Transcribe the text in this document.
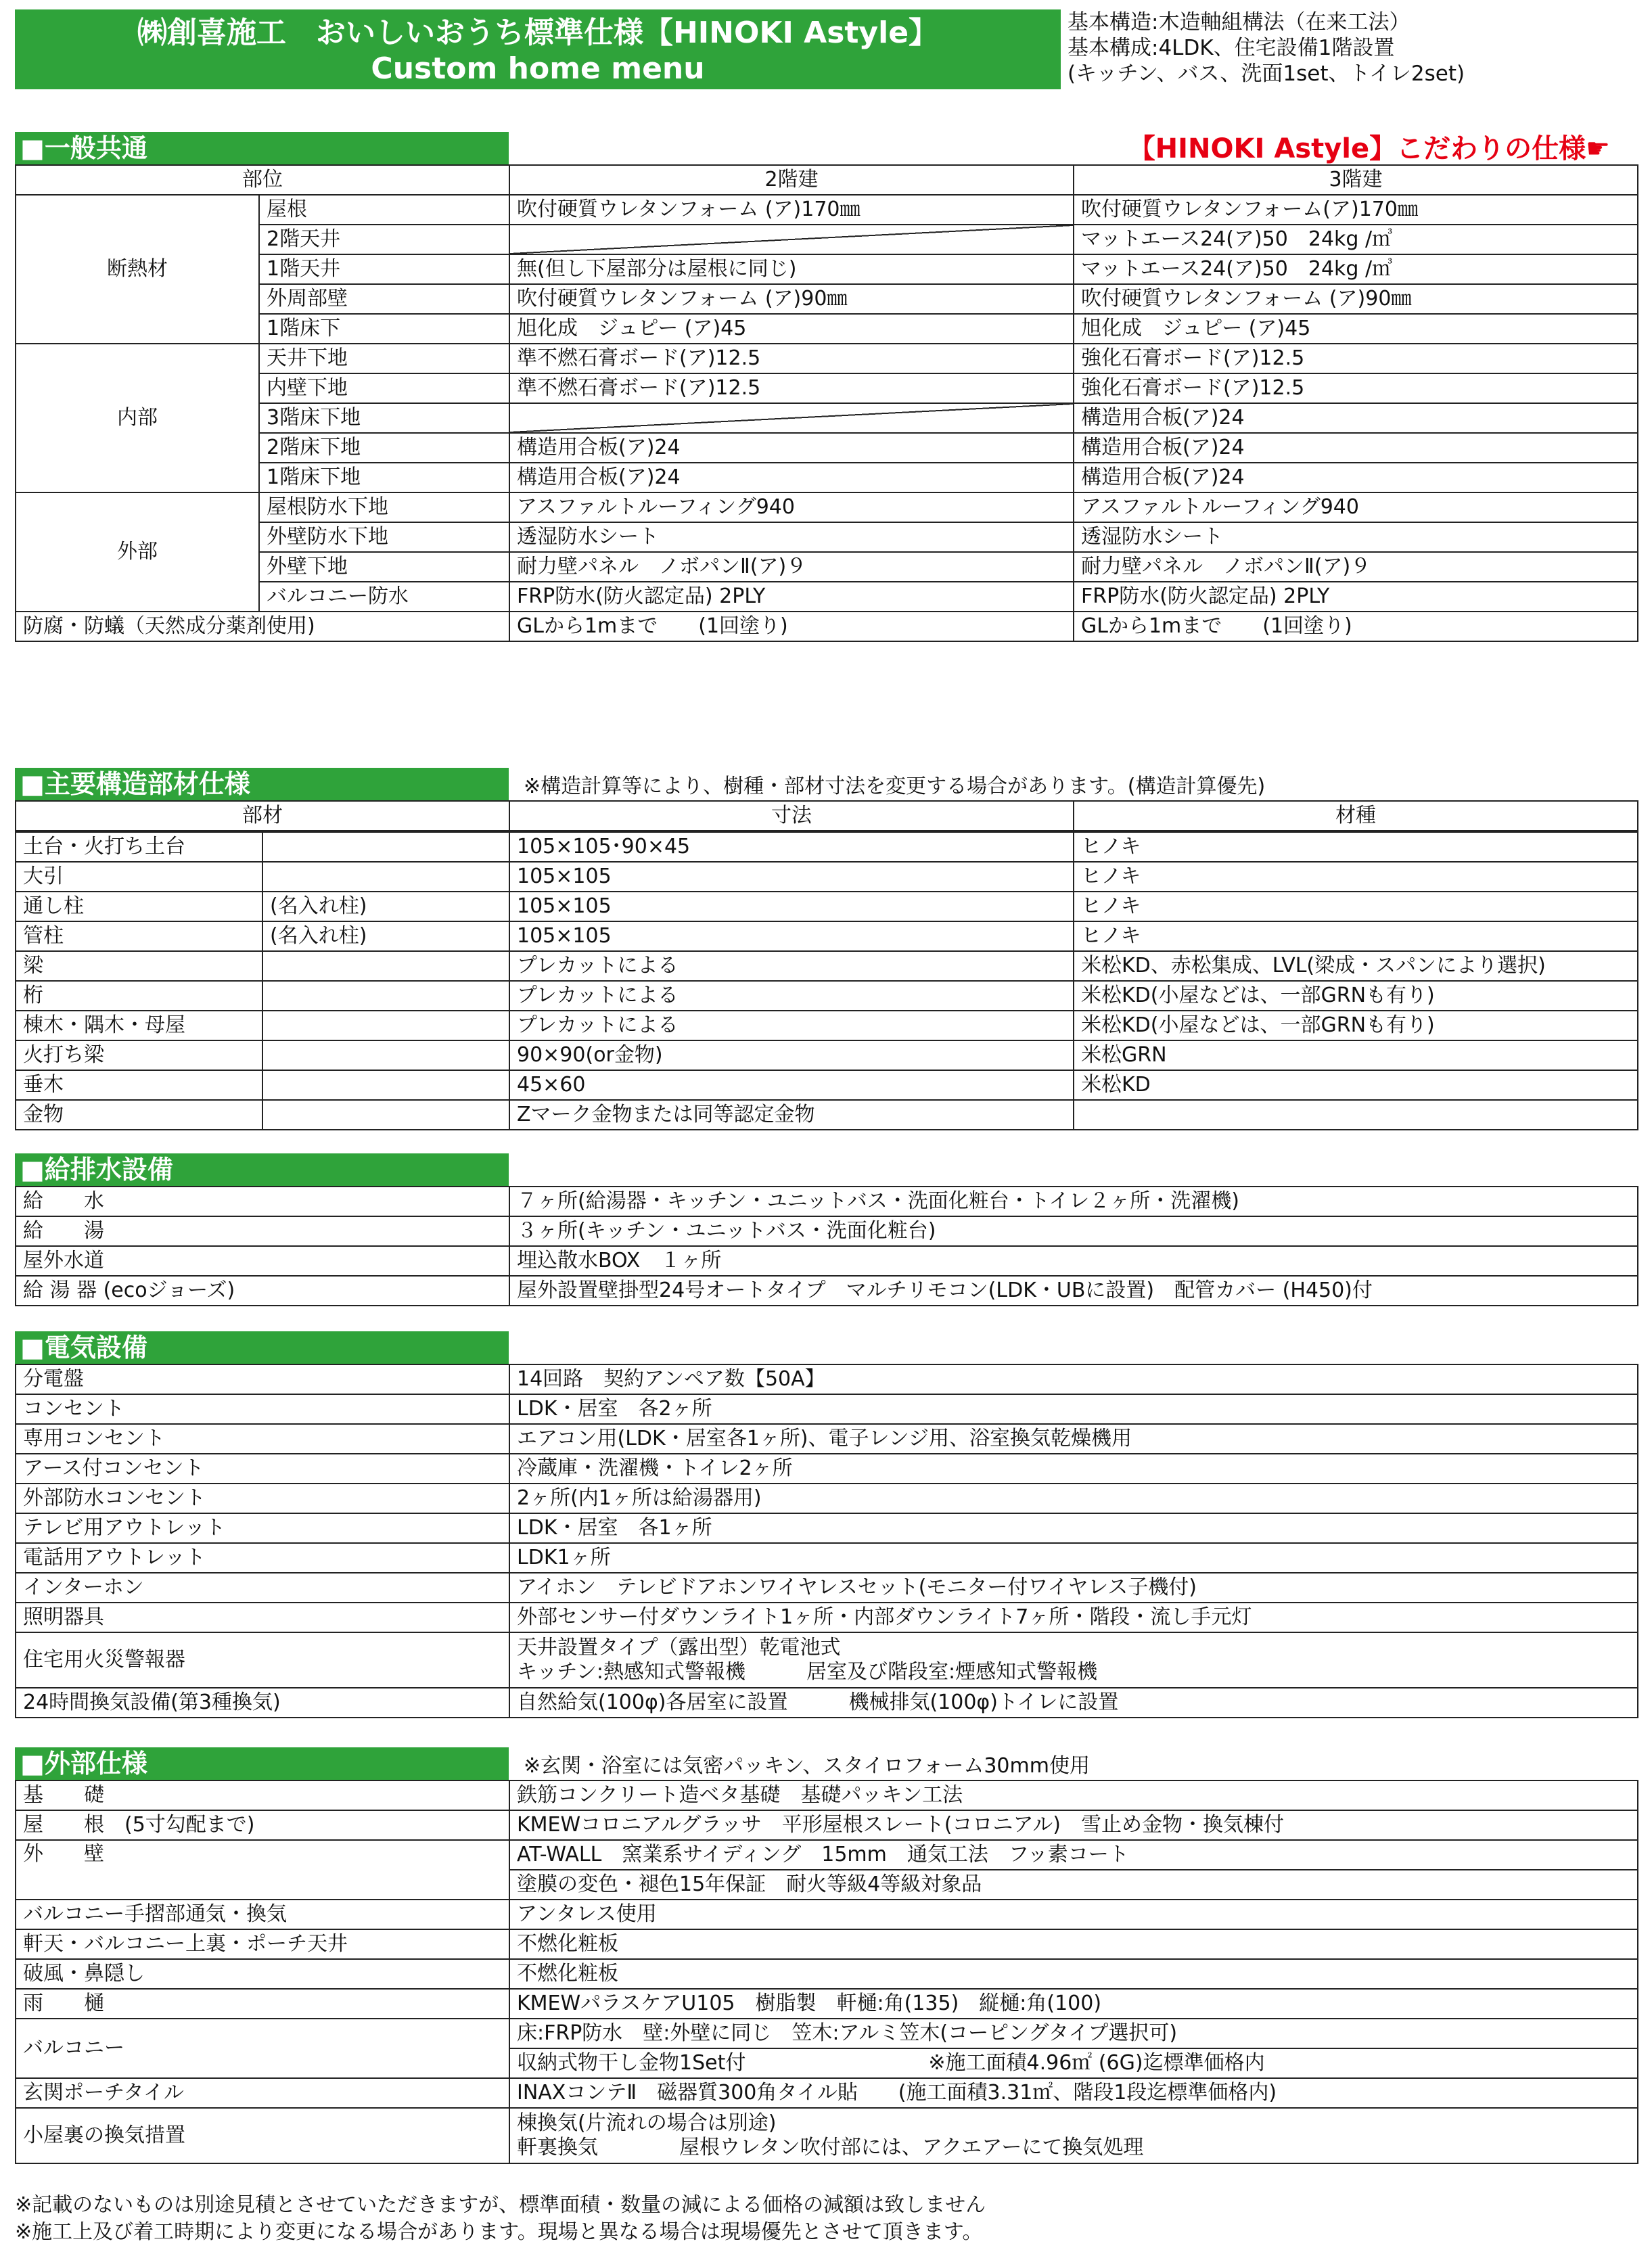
㈱創喜施工　おいしいおうち標準仕様【HINOKI Astyle】
Custom home menu
基本構造:木造軸組構法（在来工法）
基本構成:4LDK、住宅設備1階設置
(キッチン、バス、洗面1set、トイレ2set)
■一般共通	【HINOKI Astyle】こだわりの仕様☛
部位		2階建	3階建
断熱材	屋根	吹付硬質ウレタンフォーム (ア)170㎜	吹付硬質ウレタンフォーム(ア)170㎜
	2階天井		マットエース24(ア)50　24kg /㎥
	1階天井	無(但し下屋部分は屋根に同じ)	マットエース24(ア)50　24kg /㎥
	外周部壁	吹付硬質ウレタンフォーム (ア)90㎜	吹付硬質ウレタンフォーム (ア)90㎜
	1階床下	旭化成　ジュピー (ア)45	旭化成　ジュピー (ア)45
内部	天井下地	準不燃石膏ボード(ア)12.5	強化石膏ボード(ア)12.5
	内壁下地	準不燃石膏ボード(ア)12.5	強化石膏ボード(ア)12.5
	3階床下地		構造用合板(ア)24
	2階床下地	構造用合板(ア)24	構造用合板(ア)24
	1階床下地	構造用合板(ア)24	構造用合板(ア)24
外部	屋根防水下地	アスファルトルーフィング940	アスファルトルーフィング940
	外壁防水下地	透湿防水シート	透湿防水シート
	外壁下地	耐力壁パネル　ノボパンⅡ(ア)９	耐力壁パネル　ノボパンⅡ(ア)９
	バルコニー防水	FRP防水(防火認定品) 2PLY	FRP防水(防火認定品) 2PLY
防腐・防蟻（天然成分薬剤使用)		GLから1mまで　　(1回塗り)	GLから1mまで　　(1回塗り)
■主要構造部材仕様	※構造計算等により、樹種・部材寸法を変更する場合があります。(構造計算優先)
部材	寸法	材種
土台・火打ち土台		105×105･90×45	ヒノキ
大引		105×105	ヒノキ
通し柱	(名入れ柱)	105×105	ヒノキ
管柱	(名入れ柱)	105×105	ヒノキ
梁		プレカットによる	米松KD、赤松集成、LVL(梁成・スパンにより選択)
桁		プレカットによる	米松KD(小屋などは、一部GRNも有り)
棟木・隅木・母屋		プレカットによる	米松KD(小屋などは、一部GRNも有り)
火打ち梁		90×90(or金物)	米松GRN
垂木		45×60	米松KD
金物		Zマーク金物または同等認定金物	
■給排水設備
給　　水	７ヶ所(給湯器・キッチン・ユニットバス・洗面化粧台・トイレ２ヶ所・洗濯機)
給　　湯	３ヶ所(キッチン・ユニットバス・洗面化粧台)
屋外水道	埋込散水BOX　１ヶ所
給 湯 器 (ecoジョーズ)	屋外設置壁掛型24号オートタイプ　マルチリモコン(LDK・UBに設置)　配管カバー (H450)付
■電気設備
分電盤	14回路　契約アンペア数【50A】
コンセント	LDK・居室　各2ヶ所
専用コンセント	エアコン用(LDK・居室各1ヶ所)、電子レンジ用、浴室換気乾燥機用
アース付コンセント	冷蔵庫・洗濯機・トイレ2ヶ所
外部防水コンセント	2ヶ所(内1ヶ所は給湯器用)
テレビ用アウトレット	LDK・居室　各1ヶ所
電話用アウトレット	LDK1ヶ所
インターホン	アイホン　テレビドアホンワイヤレスセット(モニター付ワイヤレス子機付)
照明器具	外部センサー付ダウンライト1ヶ所・内部ダウンライト7ヶ所・階段・流し手元灯
住宅用火災警報器	天井設置タイプ（露出型）乾電池式
キッチン:熱感知式警報機　　　居室及び階段室:煙感知式警報機

24時間換気設備(第3種換気)	自然給気(100φ)各居室に設置　　　機械排気(100φ)トイレに設置
■外部仕様	※玄関・浴室には気密パッキン、スタイロフォーム30mm使用
基　　礎	鉄筋コンクリート造ベタ基礎　基礎パッキン工法
屋　　根　(5寸勾配まで)	KMEWコロニアルグラッサ　平形屋根スレート(コロニアル)　雪止め金物・換気棟付
外　　壁	AT-WALL　窯業系サイディング　15mm　通気工法　フッ素コート
	塗膜の変色・褪色15年保証　耐火等級4等級対象品
バルコニー手摺部通気・換気	アンタレス使用
軒天・バルコニー上裏・ポーチ天井	不燃化粧板
破風・鼻隠し	不燃化粧板
雨　　樋	KMEWパラスケアU105　樹脂製　軒樋:角(135)　縦樋:角(100)
バルコニー	床:FRP防水　壁:外壁に同じ　笠木:アルミ笠木(コーピングタイプ選択可)
	収納式物干し金物1Set付 ※施工面積4.96㎡ (6G)迄標準価格内
玄関ポーチタイル	INAXコンテⅡ　磁器質300角タイル貼　　(施工面積3.31㎡、階段1段迄標準価格内)
小屋裏の換気措置	棟換気(片流れの場合は別途)
軒裏換気　　　　屋根ウレタン吹付部には、アクエアーにて換気処理
※記載のないものは別途見積とさせていただきますが、標準面積・数量の減による価格の減額は致しません
※施工上及び着工時期により変更になる場合があります。現場と異なる場合は現場優先とさせて頂きます。
